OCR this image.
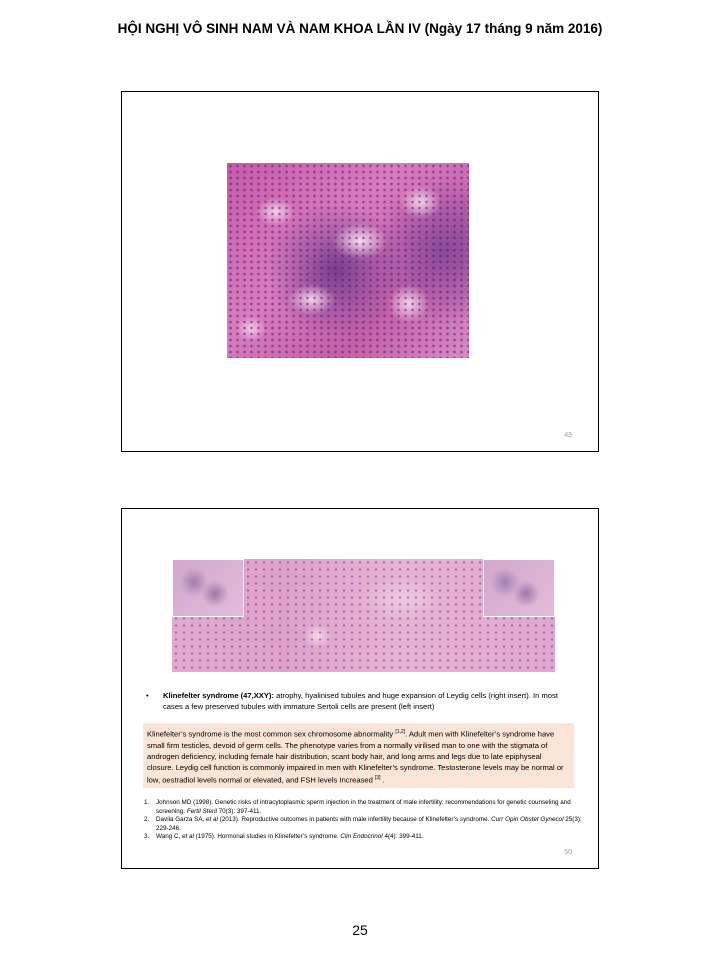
HỘI NGHỊ VÔ SINH NAM VÀ NAM KHOA LẦN IV (Ngày 17 tháng 9 năm 2016)
49
•	Klinefelter syndrome (47,XXY): atrophy, hyalinised tubules and huge expansion of Leydig cells (right insert). In most cases a few preserved tubules with immature Sertoli cells are present (left insert)
Klinefelter’s syndrome is the most common sex chromosome abnormality [1,2]. Adult men with Klinefelter’s syndrome have small firm testicles, devoid of germ cells. The phenotype varies from a normally virilised man to one with the stigmata of androgen deficiency, including female hair distribution, scant body hair, and long arms and legs due to late epiphyseal closure. Leydig cell function is commonly impaired in men with Klinefelter’s syndrome. Testosterone levels may be normal or low, oestradiol levels normal or elevated, and FSH levels Increased [3] .
1.	Johnson MD (1998). Genetic risks of intracytoplasmic sperm injection in the treatment of male infertility: recommendations for genetic counseling and screening. Fertil Steril 70(3): 397-411.
2.	Davila Garza SA, et al (2013). Reproductive outcomes in patients with male infertility because of Klinefelter’s syndrome. Curr Opin Obstet Gynecol 25(3): 229-246.
3.	Wang C, et al (1975). Hormonal studies in Klinefelter’s syndrome. Clin Endocrinol 4(4): 399-411.
50
25
